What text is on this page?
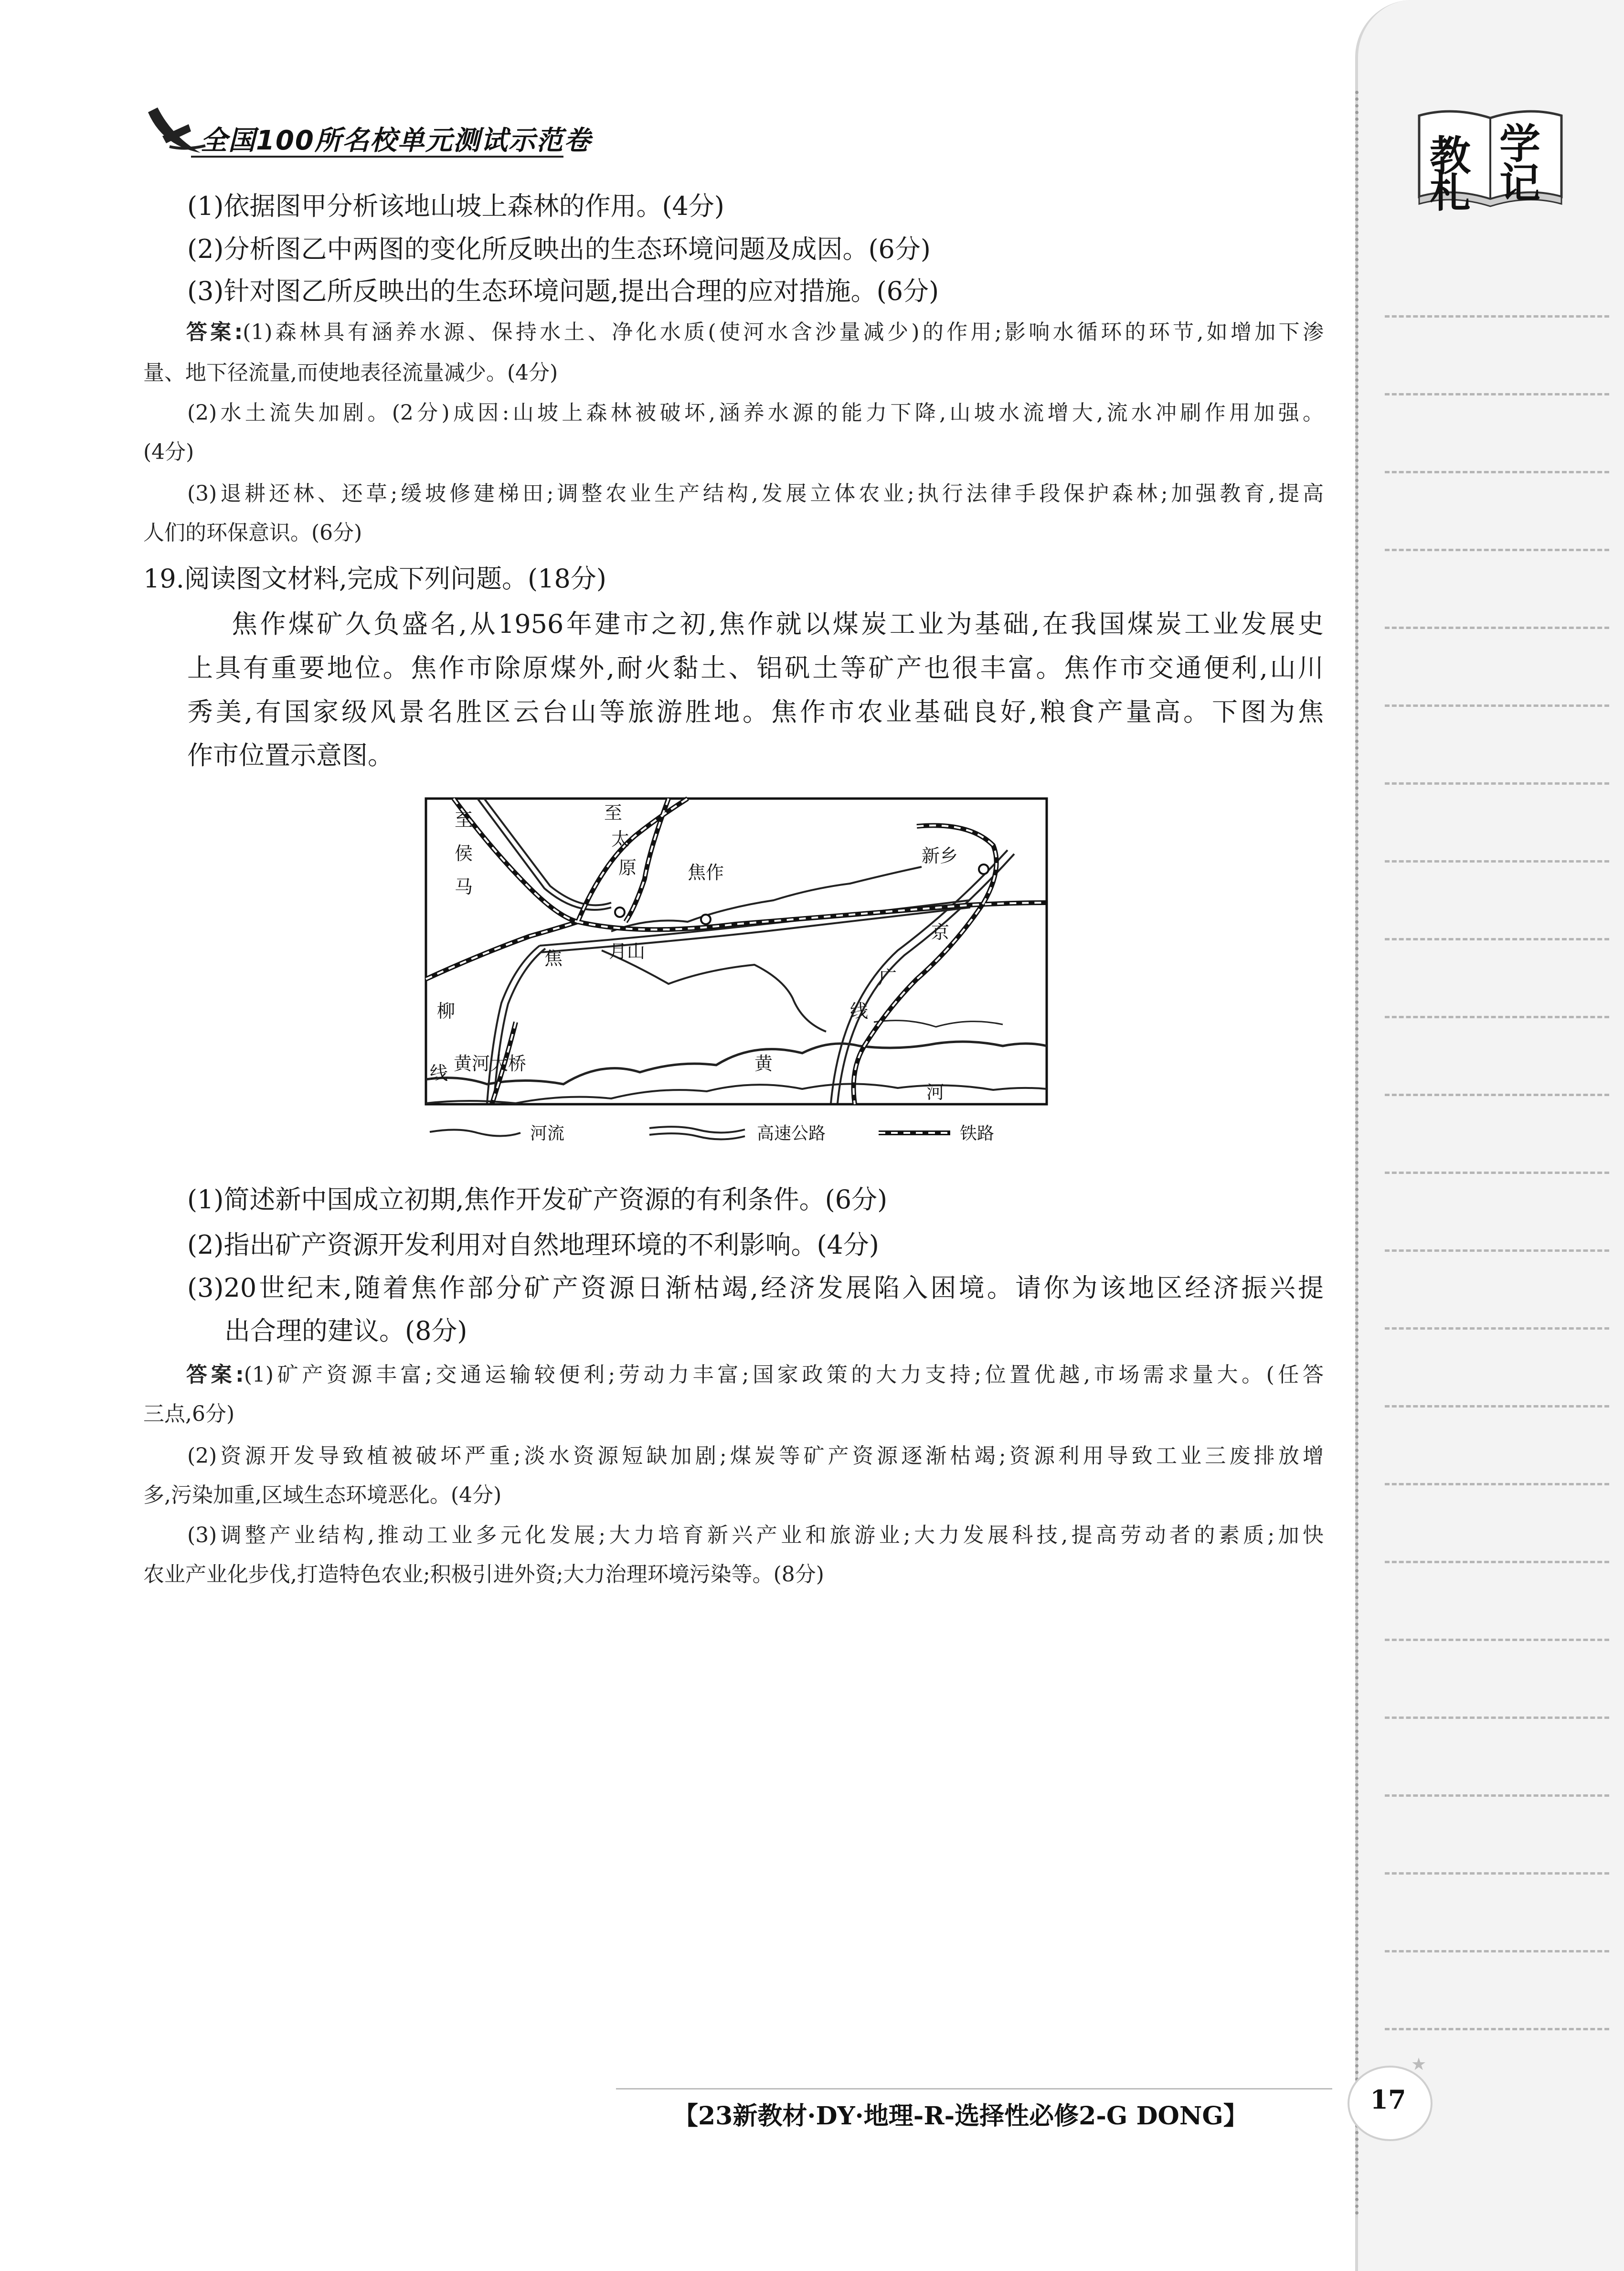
教 学
札 记
全国100所名校单元测试示范卷
(1)依据图甲分析该地山坡上森林的作用。(4分)
(2)分析图乙中两图的变化所反映出的生态环境问题及成因。(6分)
(3)针对图乙所反映出的生态环境问题,提出合理的应对措施。(6分)
答案:(1)森林具有涵养水源、保持水土、净化水质(使河水含沙量减少)的作用;影响水循环的环节,如增加下渗
量、地下径流量,而使地表径流量减少。(4分)
(2)水土流失加剧。(2分)成因:山坡上森林被破坏,涵养水源的能力下降,山坡水流增大,流水冲刷作用加强。
(4分)
(3)退耕还林、还草;缓坡修建梯田;调整农业生产结构,发展立体农业;执行法律手段保护森林;加强教育,提高
人们的环保意识。(6分)
19.阅读图文材料,完成下列问题。(18分)
焦作煤矿久负盛名,从1956年建市之初,焦作就以煤炭工业为基础,在我国煤炭工业发展史
上具有重要地位。焦作市除原煤外,耐火黏土、铝矾土等矿产也很丰富。焦作市交通便利,山川
秀美,有国家级风景名胜区云台山等旅游胜地。焦作市农业基础良好,粮食产量高。下图为焦
作市位置示意图。
至
侯
马
至
太
原	焦作
新乡
焦
柳
线
月山
京
广
线
黄河大桥	黄
河
河流	高速公路	铁路
(1)简述新中国成立初期,焦作开发矿产资源的有利条件。(6分)
(2)指出矿产资源开发利用对自然地理环境的不利影响。(4分)
(3)20世纪末,随着焦作部分矿产资源日渐枯竭,经济发展陷入困境。请你为该地区经济振兴提
出合理的建议。(8分)
答案:(1)矿产资源丰富;交通运输较便利;劳动力丰富;国家政策的大力支持;位置优越,市场需求量大。(任答
三点,6分)
(2)资源开发导致植被破坏严重;淡水资源短缺加剧;煤炭等矿产资源逐渐枯竭;资源利用导致工业三废排放增
多,污染加重,区域生态环境恶化。(4分)
(3)调整产业结构,推动工业多元化发展;大力培育新兴产业和旅游业;大力发展科技,提高劳动者的素质;加快
农业产业化步伐,打造特色农业;积极引进外资;大力治理环境污染等。(8分)
【23新教材·DY·地理-R-选择性必修2-G DONG】
17
★
